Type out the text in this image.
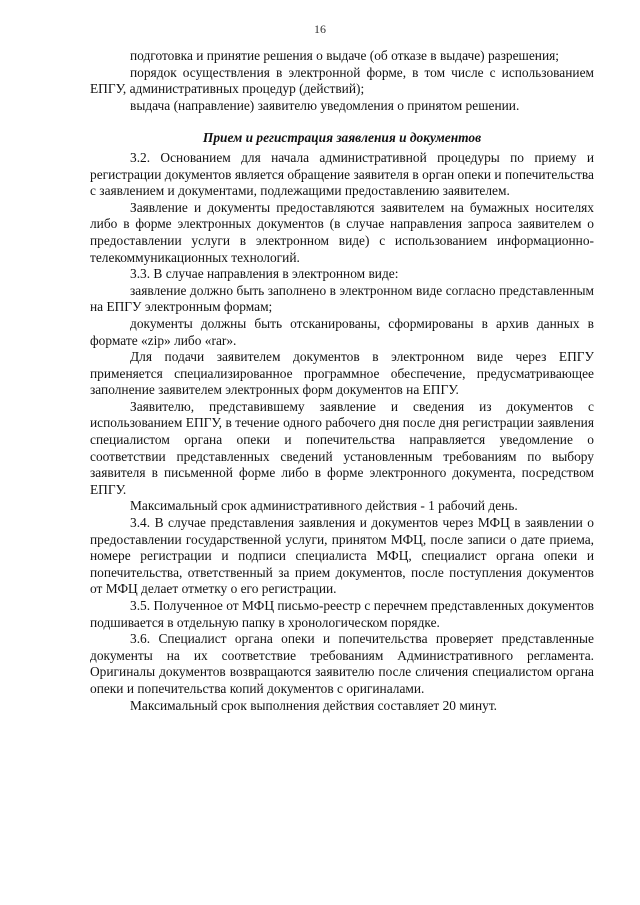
16

подготовка и принятие решения о выдаче (об отказе в выдаче) разрешения;

порядок осуществления в электронной форме, в том числе с использованием ЕПГУ, административных процедур (действий);

выдача (направление) заявителю уведомления о принятом решении.

Прием и регистрация заявления и документов

3.2. Основанием для начала административной процедуры по приему и регистрации документов является обращение заявителя в орган опеки и попечительства с заявлением и документами, подлежащими предоставлению заявителем.

Заявление и документы предоставляются заявителем на бумажных носителях либо в форме электронных документов (в случае направления запроса заявителем о предоставлении услуги в электронном виде) с использованием информационно-телекоммуникационных технологий.

3.3. В случае направления в электронном виде:

заявление должно быть заполнено в электронном виде согласно представленным на ЕПГУ электронным формам;

документы должны быть отсканированы, сформированы в архив данных в формате «zip» либо «rar».

Для подачи заявителем документов в электронном виде через ЕПГУ применяется специализированное программное обеспечение, предусматривающее заполнение заявителем электронных форм документов на ЕПГУ.

Заявителю, представившему заявление и сведения из документов с использованием ЕПГУ, в течение одного рабочего дня после дня регистрации заявления специалистом органа опеки и попечительства направляется уведомление о соответствии представленных сведений установленным требованиям по выбору заявителя в письменной форме либо в форме электронного документа, посредством ЕПГУ.

Максимальный срок административного действия - 1 рабочий день.

3.4. В случае представления заявления и документов через МФЦ в заявлении о предоставлении государственной услуги, принятом МФЦ, после записи о дате приема, номере регистрации и подписи специалиста МФЦ, специалист органа опеки и попечительства, ответственный за прием документов, после поступления документов от МФЦ делает отметку о его регистрации.

3.5. Полученное от МФЦ письмо-реестр с перечнем представленных документов подшивается в отдельную папку в хронологическом порядке.

3.6. Специалист органа опеки и попечительства проверяет представленные документы на их соответствие требованиям Административного регламента. Оригиналы документов возвращаются заявителю после сличения специалистом органа опеки и попечительства копий документов с оригиналами.

Максимальный срок выполнения действия составляет 20 минут.
